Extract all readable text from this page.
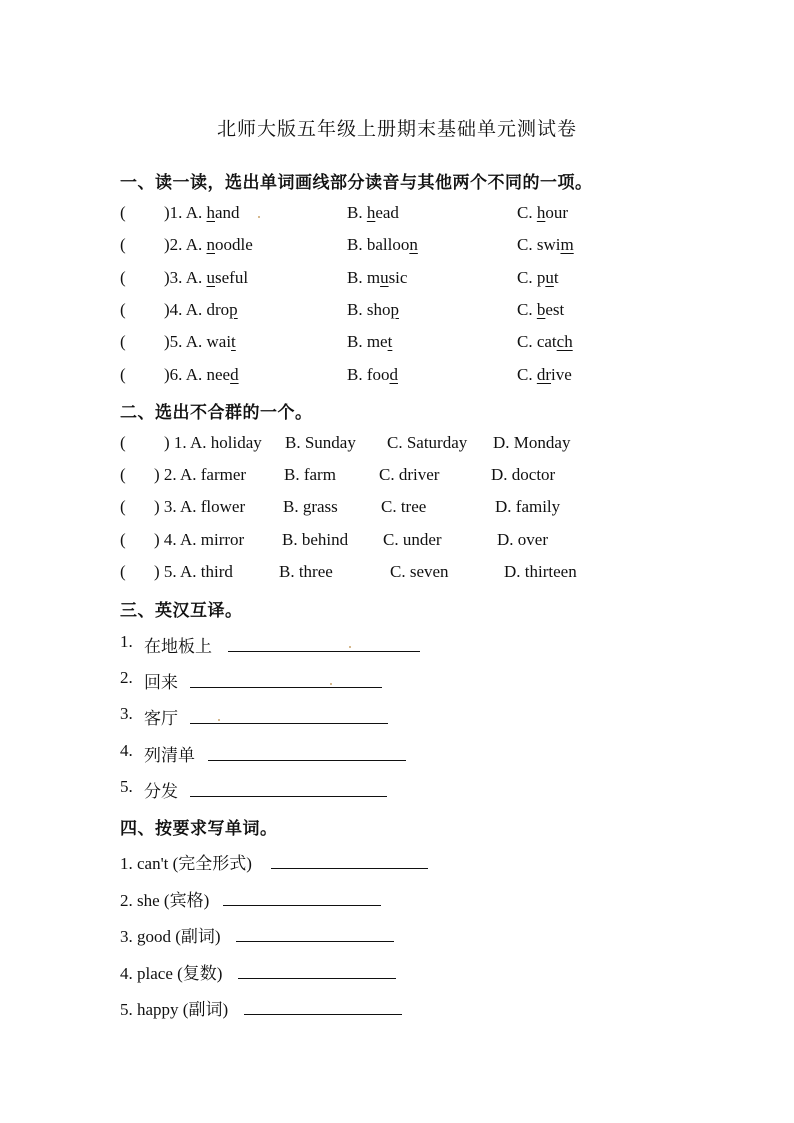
北师大版五年级上册期末基础单元测试卷
一、读一读，选出单词画线部分读音与其他两个不同的一项。
( )1. A. hand	B. head	C. hour
( )2. A. noodle	B. balloon	C. swim
( )3. A. useful	B. music	C. put
( )4. A. drop	B. shop	C. best
( )5. A. wait	B. met	C. catch
( )6. A. need	B. food	C. drive
二、选出不合群的一个。
( ) 1. A. holiday B. Sunday C. Saturday D. Monday
( ) 2. A. farmer B. farm	C. driver	D. doctor
( ) 3. A. flower B. grass	C. tree	D. family
( ) 4. A. mirror B. behind C. under	D. over
( ) 5. A. third	B. three	C. seven	D. thirteen
三、英汉互译。
1. 在地板上
2. 回来
3. 客厅
4. 列清单
5. 分发
四、按要求写单词。
1. can't (完全形式)
2. she (宾格)
3. good (副词)
4. place (复数)
5. happy (副词)
